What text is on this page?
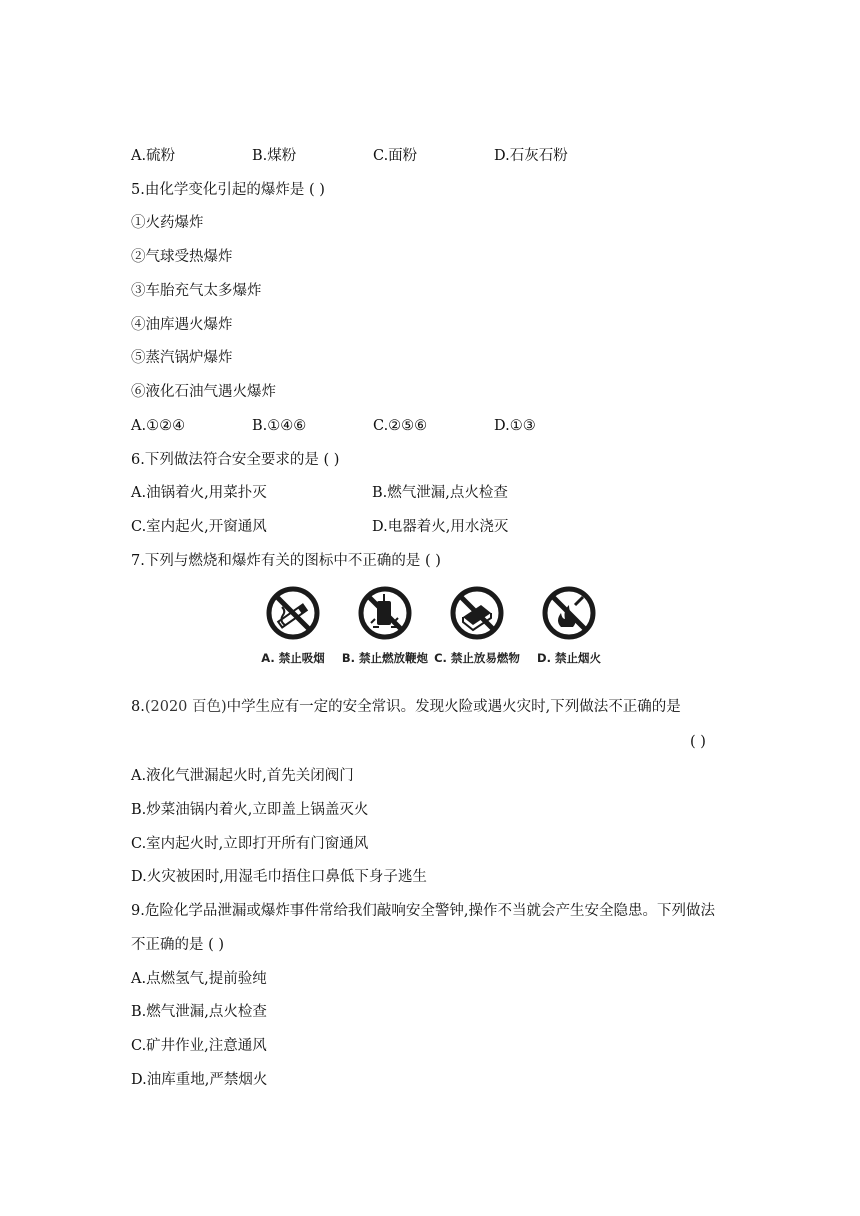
A.硫粉	B.煤粉	C.面粉	D.石灰石粉
5.由化学变化引起的爆炸是 ( )
①火药爆炸
②气球受热爆炸
③车胎充气太多爆炸
④油库遇火爆炸
⑤蒸汽锅炉爆炸
⑥液化石油气遇火爆炸
A.①②④	B.①④⑥	C.②⑤⑥	D.①③
6.下列做法符合安全要求的是 ( )
A.油锅着火,用菜扑灭	B.燃气泄漏,点火检查
C.室内起火,开窗通风	D.电器着火,用水浇灭
7.下列与燃烧和爆炸有关的图标中不正确的是 ( )
A. 禁止吸烟	B. 禁止燃放鞭炮 C. 禁止放易燃物	D. 禁止烟火
8.(2020 百色)中学生应有一定的安全常识。发现火险或遇火灾时,下列做法不正确的是
( )
A.液化气泄漏起火时,首先关闭阀门
B.炒菜油锅内着火,立即盖上锅盖灭火
C.室内起火时,立即打开所有门窗通风
D.火灾被困时,用湿毛巾捂住口鼻低下身子逃生
9.危险化学品泄漏或爆炸事件常给我们敲响安全警钟,操作不当就会产生安全隐患。下列做法
不正确的是 ( )
A.点燃氢气,提前验纯
B.燃气泄漏,点火检查
C.矿井作业,注意通风
D.油库重地,严禁烟火
